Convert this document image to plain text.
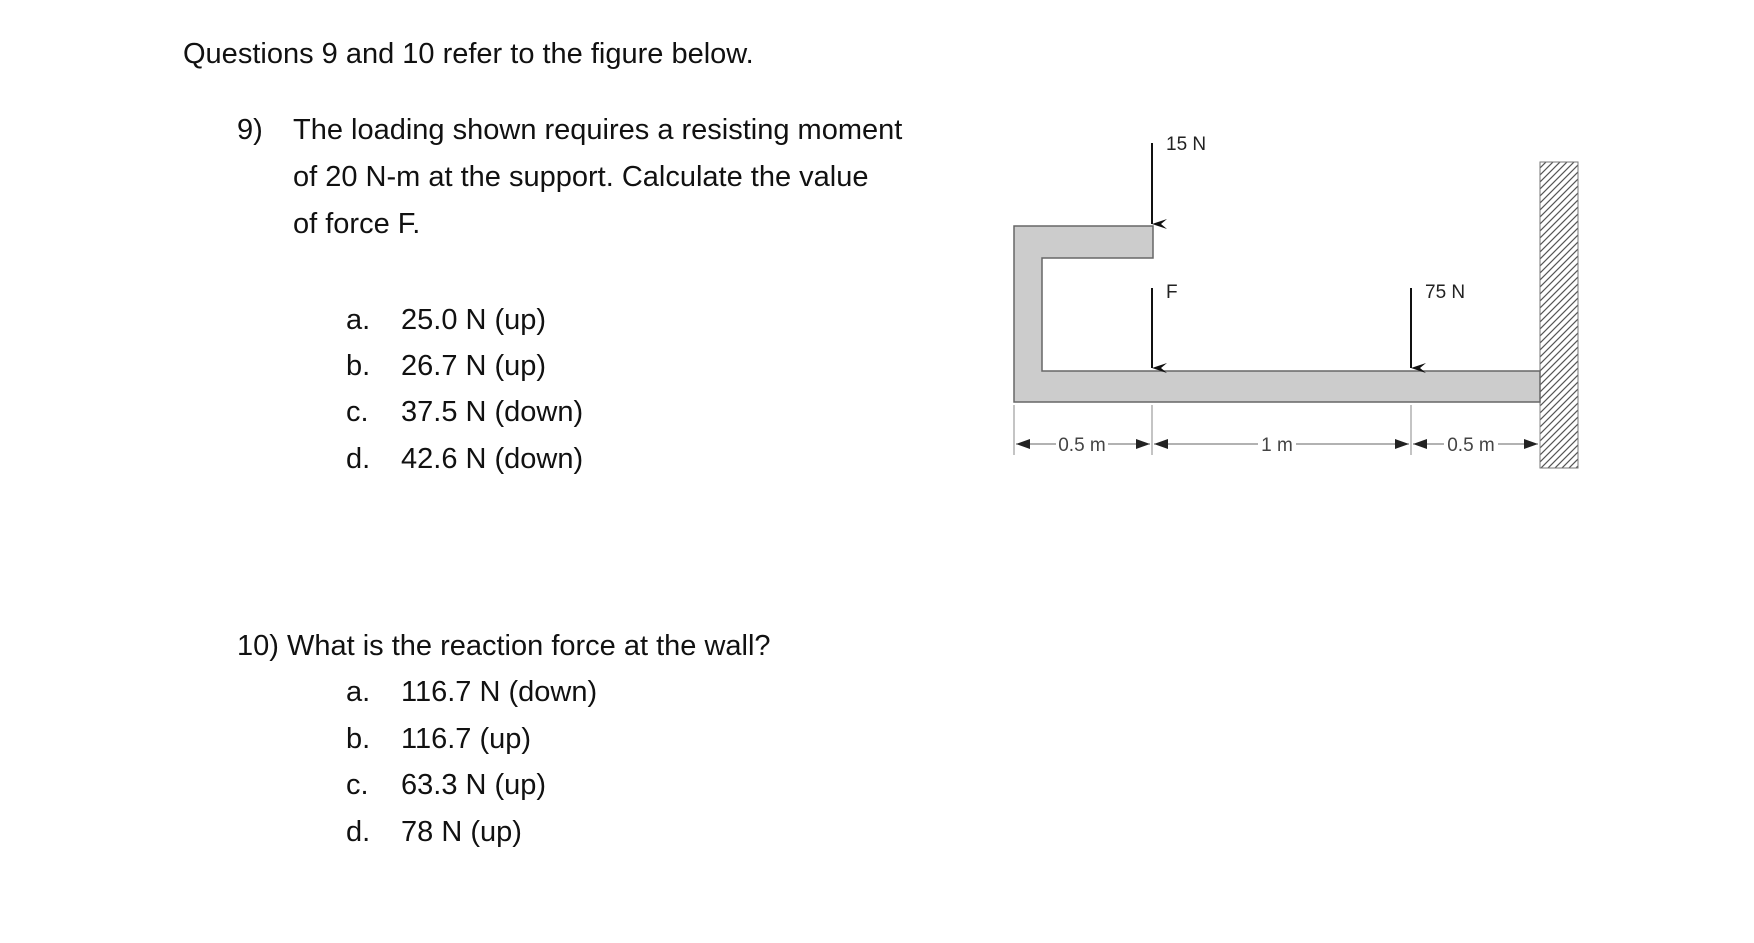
Questions 9 and 10 refer to the figure below.
9) The loading shown requires a resisting moment
of 20 N-m at the support. Calculate the value
of force F.
a. 25.0 N (up)
b. 26.7 N (up)
c. 37.5 N (down)
d. 42.6 N (down)
10) What is the reaction force at the wall?
a. 116.7 N (down)
b. 116.7 (up)
c. 63.3 N (up)
d. 78 N (up)
15 N
F	75 N
0.5 m	1 m	0.5 m
